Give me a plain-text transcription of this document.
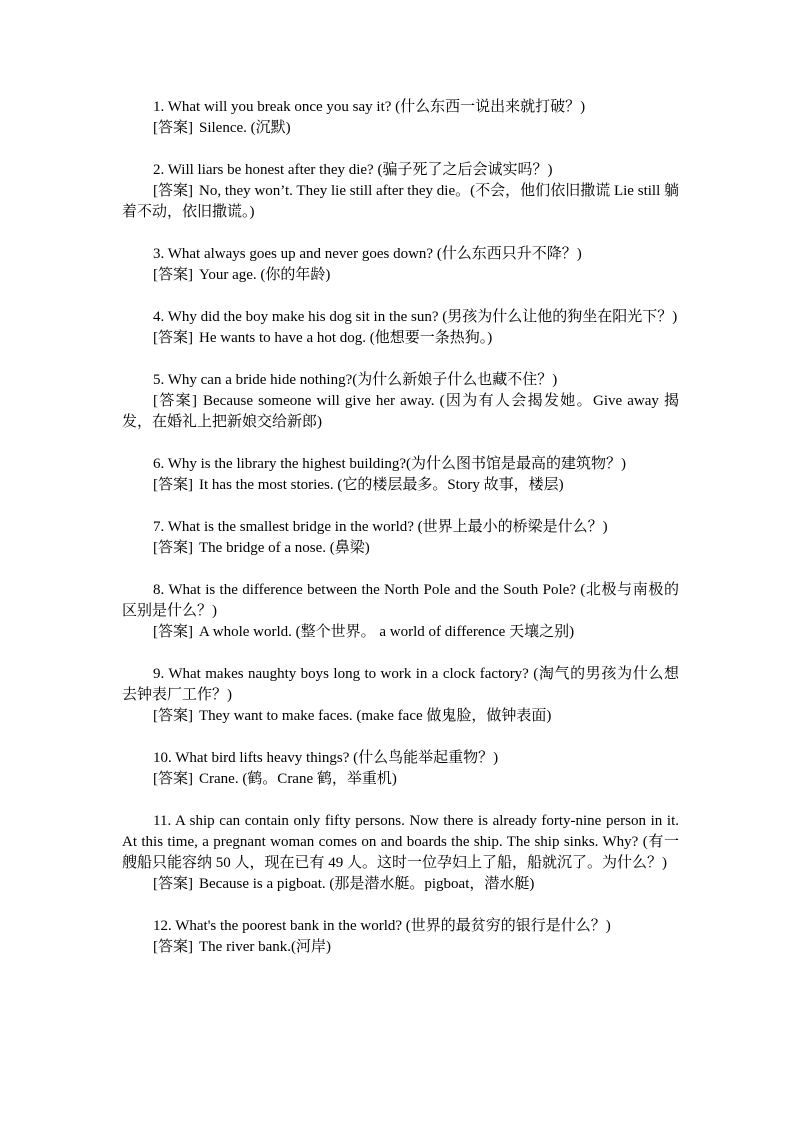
1. What will you break once you say it? (什么东西一说出来就打破？)

[答案] Silence. (沉默)

2. Will liars be honest after they die? (骗子死了之后会诚实吗？)

[答案] No, they won’t. They lie still after they die。(不会，他们依旧撒谎 Lie still 躺着不动，依旧撒谎。)

3. What always goes up and never goes down? (什么东西只升不降？)

[答案] Your age. (你的年龄)

4. Why did the boy make his dog sit in the sun? (男孩为什么让他的狗坐在阳光下？)

[答案] He wants to have a hot dog. (他想要一条热狗。)

5. Why can a bride hide nothing?(为什么新娘子什么也藏不住？)

[答案] Because someone will give her away. (因为有人会揭发她。Give away 揭发，在婚礼上把新娘交给新郎)

6. Why is the library the highest building?(为什么图书馆是最高的建筑物？)

[答案] It has the most stories. (它的楼层最多。Story 故事，楼层)

7. What is the smallest bridge in the world? (世界上最小的桥梁是什么？)

[答案] The bridge of a nose. (鼻梁)

8. What is the difference between the North Pole and the South Pole? (北极与南极的区别是什么？)

[答案] A whole world. (整个世界。 a world of difference 天壤之别)

9. What makes naughty boys long to work in a clock factory? (淘气的男孩为什么想去钟表厂工作？)

[答案] They want to make faces. (make face 做鬼脸，做钟表面)

10. What bird lifts heavy things? (什么鸟能举起重物？)

[答案] Crane. (鹤。Crane 鹤，举重机)

11. A ship can contain only fifty persons. Now there is already forty-nine person in it. At this time, a pregnant woman comes on and boards the ship. The ship sinks. Why? (有一艘船只能容纳 50 人，现在已有 49 人。这时一位孕妇上了船，船就沉了。为什么？)

[答案] Because is a pigboat. (那是潜水艇。pigboat，潜水艇)

12. What's the poorest bank in the world? (世界的最贫穷的银行是什么？)

[答案] The river bank.(河岸)
